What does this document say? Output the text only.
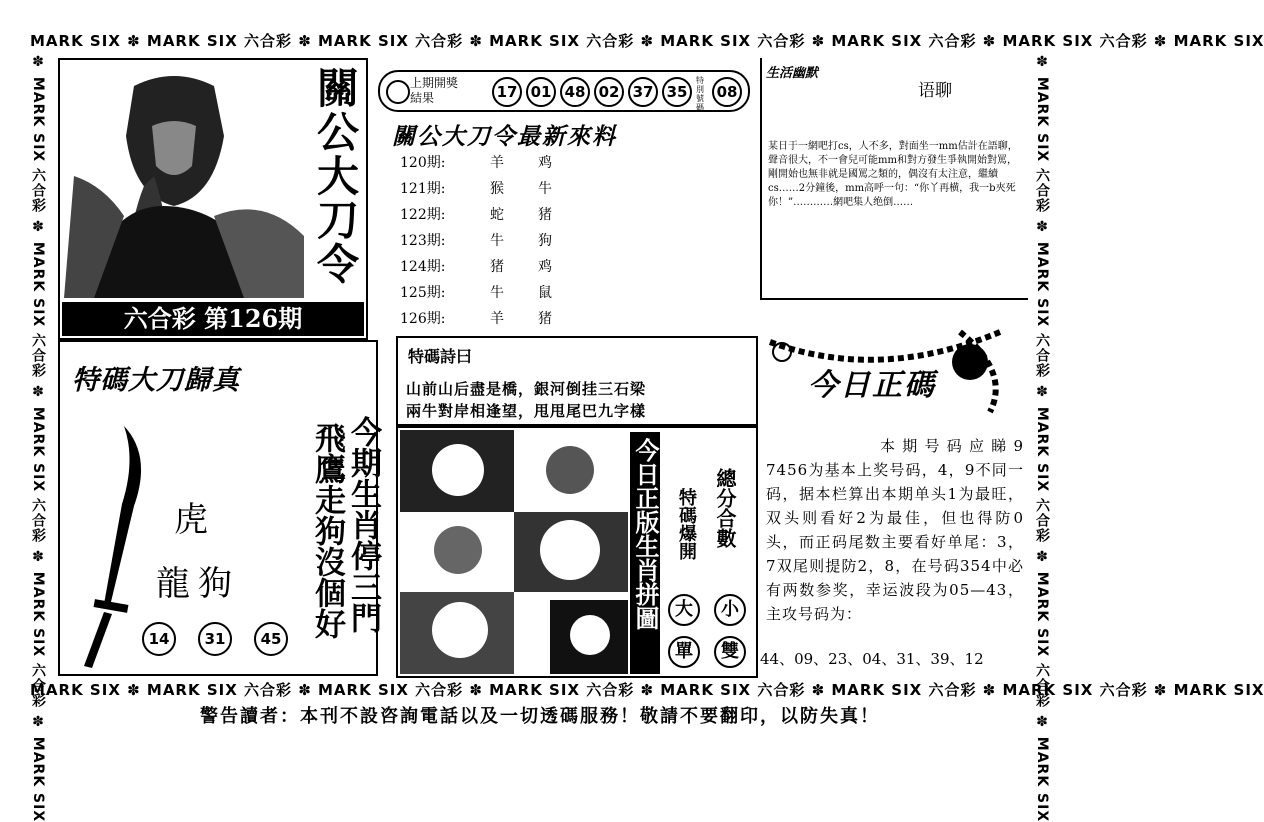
MARK SIX ✽ MARK SIX 六合彩 ✽ MARK SIX 六合彩 ✽ MARK SIX 六合彩 ✽ MARK SIX 六合彩 ✽ MARK SIX 六合彩 ✽ MARK SIX 六合彩 ✽ MARK SIX
MARK SIX ✽ MARK SIX 六合彩 ✽ MARK SIX 六合彩 ✽ MARK SIX 六合彩 ✽ MARK SIX 六合彩 ✽ MARK SIX 六合彩 ✽ MARK SIX 六合彩 ✽ MARK SIX
✽ MARK SIX 六合彩 ✽ MARK SIX 六合彩 ✽ MARK SIX 六合彩 ✽ MARK SIX 六合彩 ✽ MARK SIX	✽ MARK SIX 六合彩 ✽ MARK SIX 六合彩 ✽ MARK SIX 六合彩 ✽ MARK SIX 六合彩 ✽ MARK SIX
關公大刀令
六合彩 第126期
上期開獎結果	17 01 48 02 37 35
特別號碼
08
關公大刀令最新來料
120期:	羊 鸡
121期:	猴 牛
122期:	蛇 猪
123期:	牛 狗
124期:	猪 鸡
125期:	牛 鼠
126期:	羊 猪
生活幽默
语聊
某日于一網吧打cs，人不多，對面坐一mm估計在語聊，聲音很大，不一會兒可能mm和對方發生爭執開始對罵，剛開始也無非就是國罵之類的，偶沒有太注意，繼續cs……2分鐘後，mm高呼一句：“你丫再横，我一b夾死你！”…………網吧集人绝倒……
特碼大刀歸真
虎
龍狗
14	31	45 飛鷹走狗沒個好 今期生肖停三門
特碼詩曰
山前山后盡是橋，銀河倒挂三石梁
兩牛對岸相逢望，甩甩尾巴九字樣
今日正版生肖拼圖 特碼爆開 總分合數
大	小
單	雙
今日正碼
本期号码应睇9 7456为基本上奖号码，4，9不同一码，据本栏算出本期单头1为最旺，双头则看好2为最佳，但也得防0头，而正码尾数主要看好单尾：3，7双尾则提防2，8，在号码354中必有两数参奖，幸运波段为05—43，主攻号码为：
44、09、23、04、31、39、12
警告讀者：本刊不設咨詢電話以及一切透碼服務！敬請不要翻印，以防失真！
